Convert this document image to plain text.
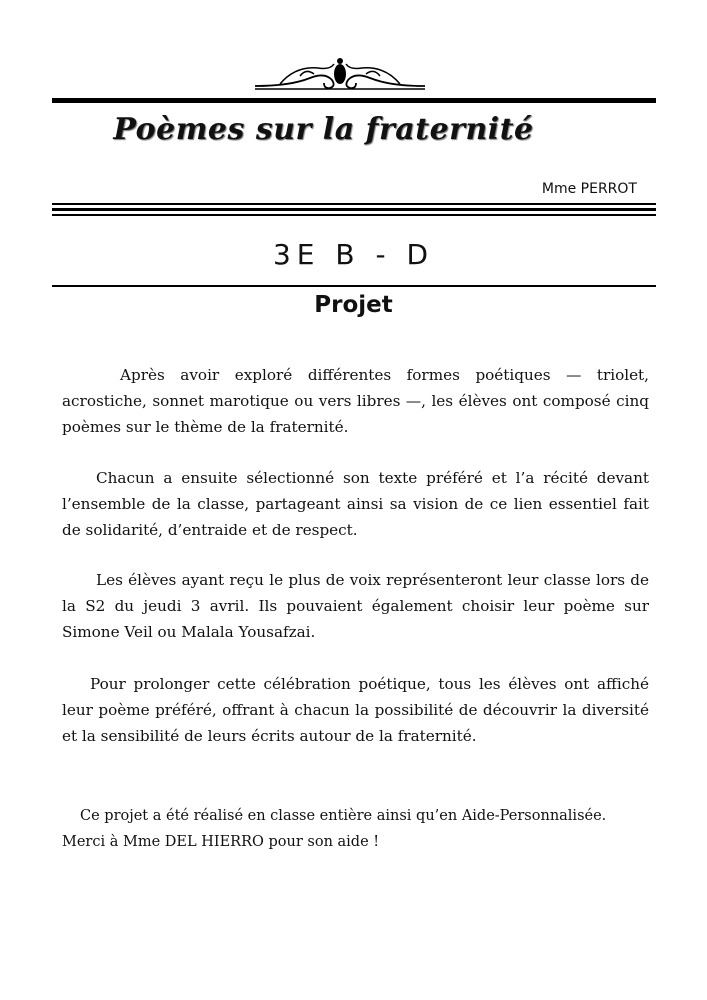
Poèmes sur la fraternité
Mme PERROT
3E B - D
Projet
Après avoir exploré différentes formes poétiques — triolet, acrostiche, sonnet marotique ou vers libres —, les élèves ont composé cinq poèmes sur le thème de la fraternité.
Chacun a ensuite sélectionné son texte préféré et l’a récité devant l’ensemble de la classe, partageant ainsi sa vision de ce lien essentiel fait de solidarité, d’entraide et de respect.
Les élèves ayant reçu le plus de voix représenteront leur classe lors de la S2 du jeudi 3 avril. Ils pouvaient également choisir leur poème sur Simone Veil ou Malala Yousafzai.
Pour prolonger cette célébration poétique, tous les élèves ont affiché leur poème préféré, offrant à chacun la possibilité de découvrir la diversité et la sensibilité de leurs écrits autour de la fraternité.
Ce projet a été réalisé en classe entière ainsi qu’en Aide-Personnalisée.
Merci à Mme DEL HIERRO pour son aide !
